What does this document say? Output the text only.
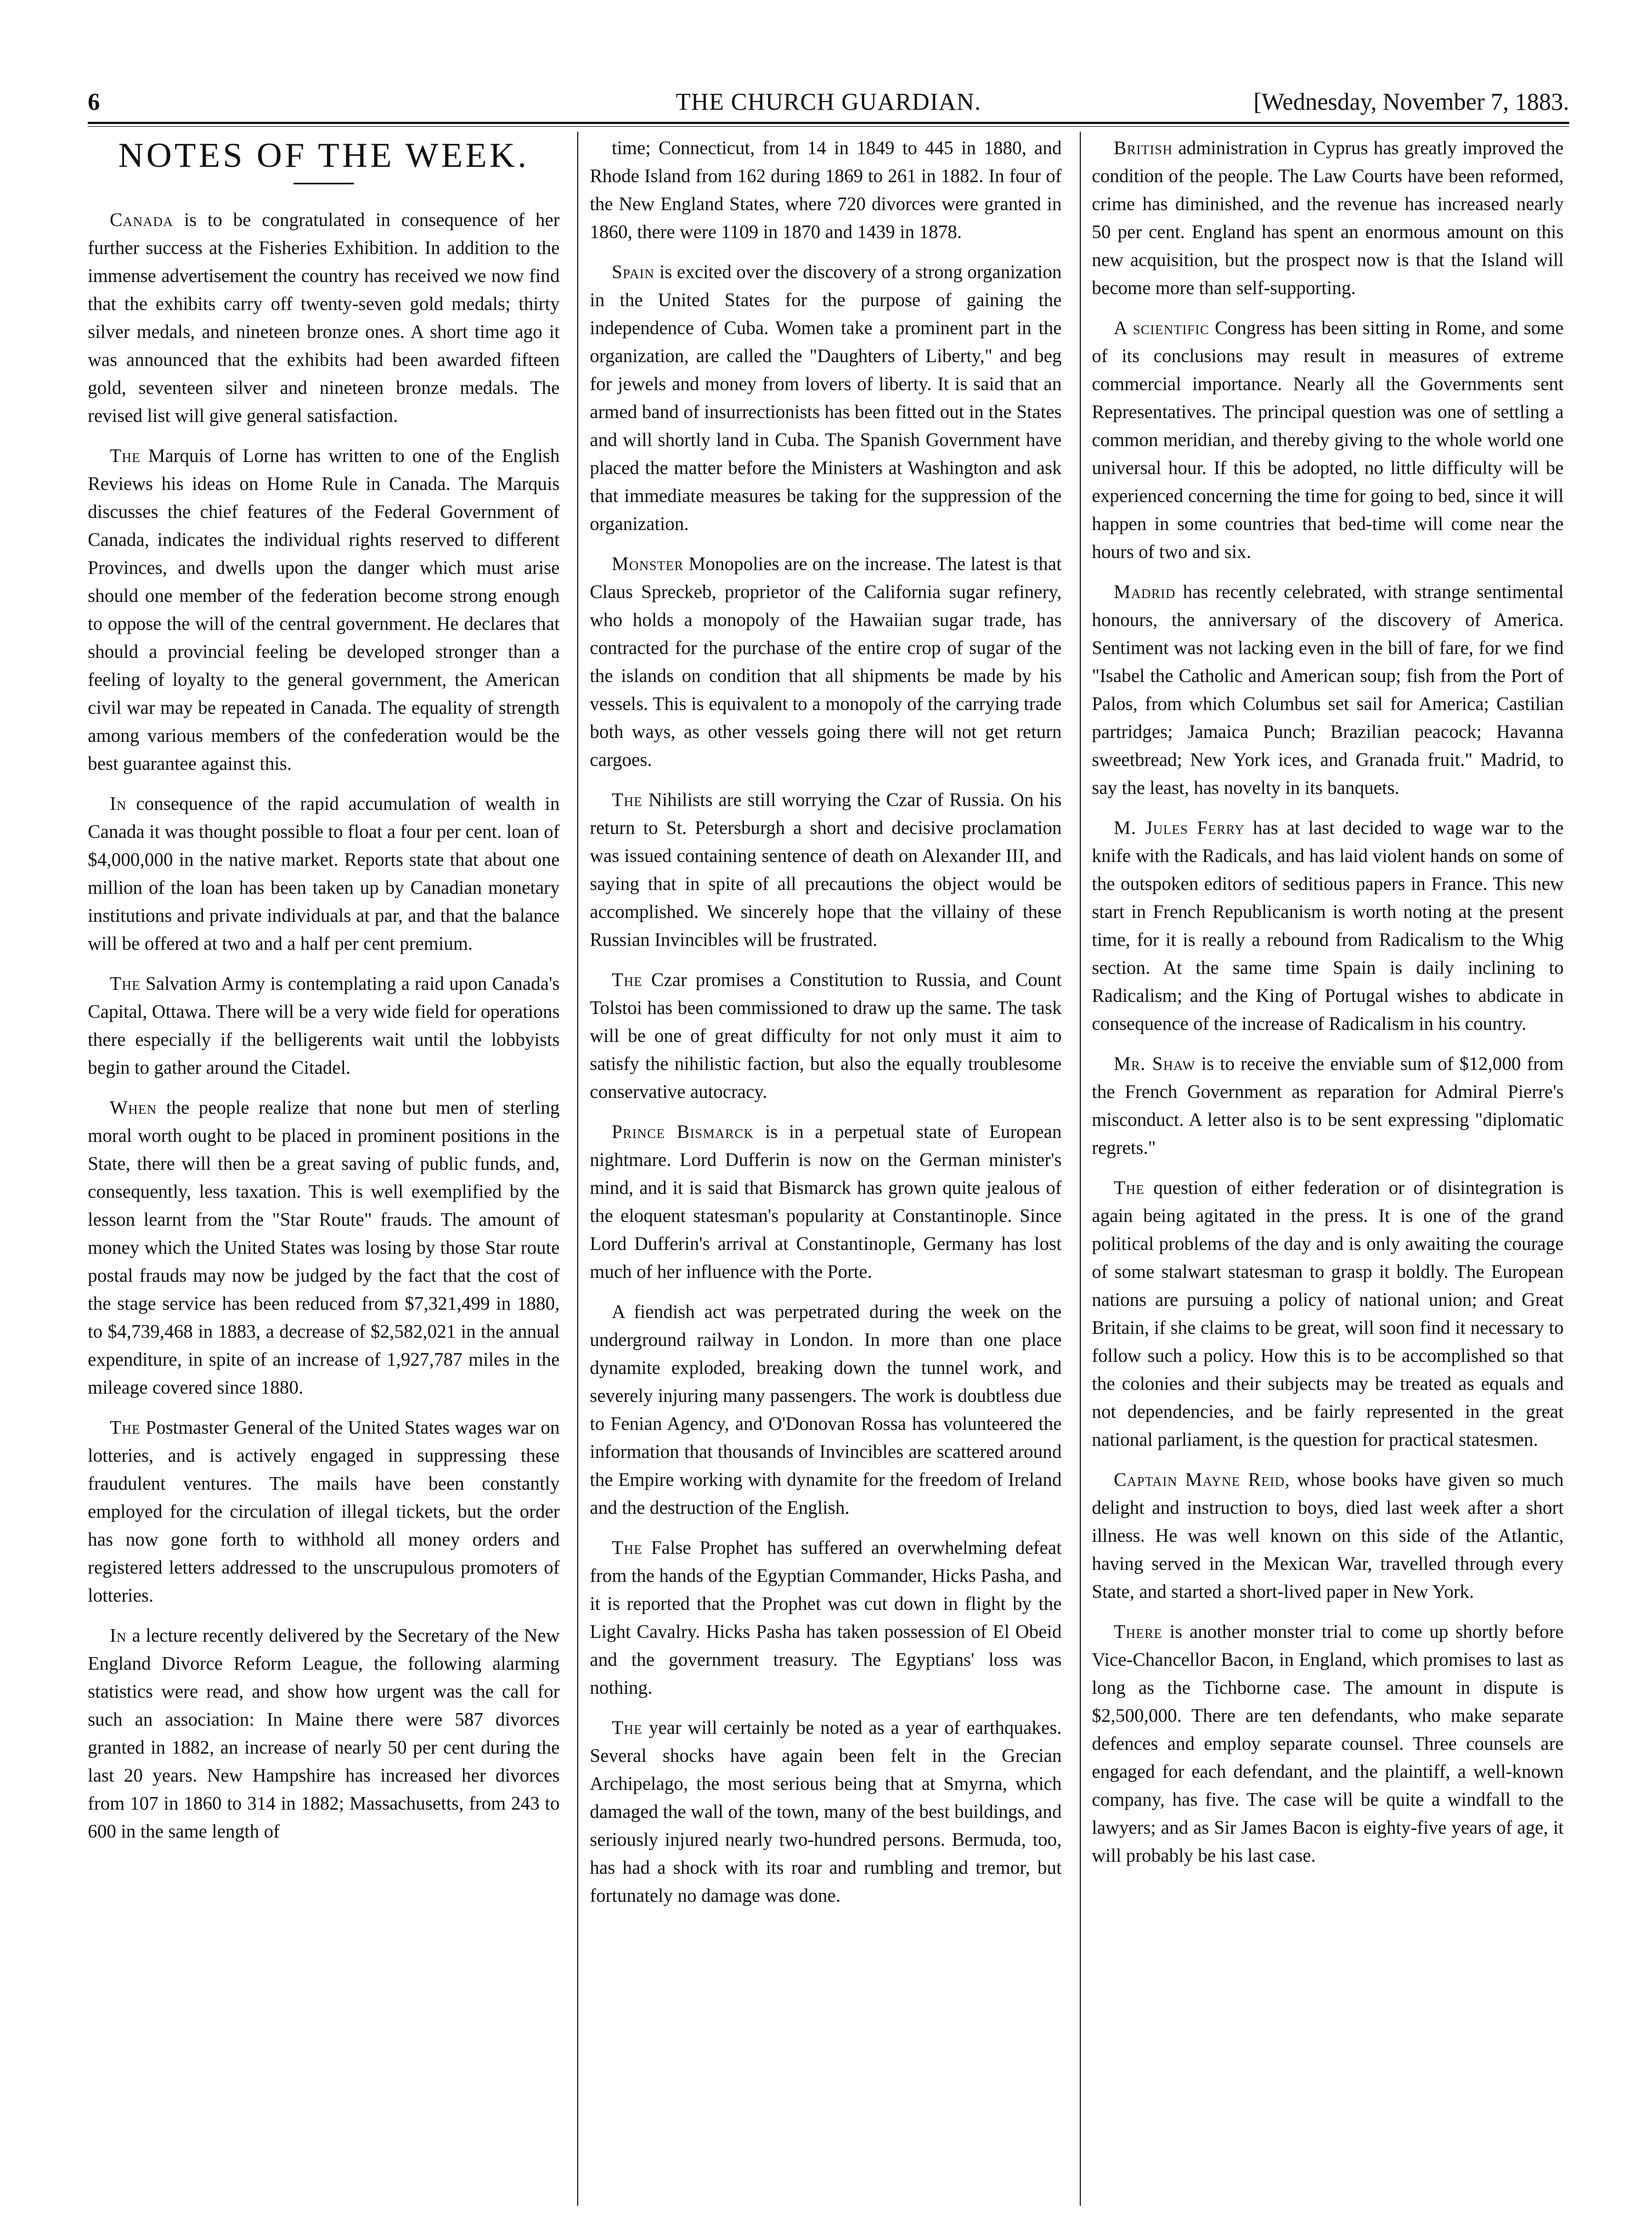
6	THE CHURCH GUARDIAN.	[Wednesday, November 7, 1883.
NOTES OF THE WEEK.

Canada is to be congratulated in consequence of her further success at the Fisheries Exhibition. In addition to the immense advertisement the country has received we now find that the exhibits carry off twenty-seven gold medals; thirty silver medals, and nineteen bronze ones. A short time ago it was announced that the exhibits had been awarded fifteen gold, seventeen silver and nineteen bronze medals. The revised list will give general satisfaction.

The Marquis of Lorne has written to one of the English Reviews his ideas on Home Rule in Canada. The Marquis discusses the chief features of the Federal Government of Canada, indicates the individual rights reserved to different Provinces, and dwells upon the danger which must arise should one member of the federation become strong enough to oppose the will of the central government. He declares that should a provincial feeling be developed stronger than a feeling of loyalty to the general government, the American civil war may be repeated in Canada. The equality of strength among various members of the confederation would be the best guarantee against this.

In consequence of the rapid accumulation of wealth in Canada it was thought possible to float a four per cent. loan of $4,000,000 in the native market. Reports state that about one million of the loan has been taken up by Canadian monetary institutions and private individuals at par, and that the balance will be offered at two and a half per cent premium.

The Salvation Army is contemplating a raid upon Canada's Capital, Ottawa. There will be a very wide field for operations there especially if the belligerents wait until the lobbyists begin to gather around the Citadel.

When the people realize that none but men of sterling moral worth ought to be placed in prominent positions in the State, there will then be a great saving of public funds, and, consequently, less taxation. This is well exemplified by the lesson learnt from the "Star Route" frauds. The amount of money which the United States was losing by those Star route postal frauds may now be judged by the fact that the cost of the stage service has been reduced from $7,321,499 in 1880, to $4,739,468 in 1883, a decrease of $2,582,021 in the annual expenditure, in spite of an increase of 1,927,787 miles in the mileage covered since 1880.

The Postmaster General of the United States wages war on lotteries, and is actively engaged in suppressing these fraudulent ventures. The mails have been constantly employed for the circulation of illegal tickets, but the order has now gone forth to withhold all money orders and registered letters addressed to the unscrupulous promoters of lotteries.

In a lecture recently delivered by the Secretary of the New England Divorce Reform League, the following alarming statistics were read, and show how urgent was the call for such an association: In Maine there were 587 divorces granted in 1882, an increase of nearly 50 per cent during the last 20 years. New Hampshire has increased her divorces from 107 in 1860 to 314 in 1882; Massachusetts, from 243 to 600 in the same length of

time; Connecticut, from 14 in 1849 to 445 in 1880, and Rhode Island from 162 during 1869 to 261 in 1882. In four of the New England States, where 720 divorces were granted in 1860, there were 1109 in 1870 and 1439 in 1878.

Spain is excited over the discovery of a strong organization in the United States for the purpose of gaining the independence of Cuba. Women take a prominent part in the organization, are called the "Daughters of Liberty," and beg for jewels and money from lovers of liberty. It is said that an armed band of insurrectionists has been fitted out in the States and will shortly land in Cuba. The Spanish Government have placed the matter before the Ministers at Washington and ask that immediate measures be taking for the suppression of the organization.

Monster Monopolies are on the increase. The latest is that Claus Spreckeb, proprietor of the California sugar refinery, who holds a monopoly of the Hawaiian sugar trade, has contracted for the purchase of the entire crop of sugar of the the islands on condition that all shipments be made by his vessels. This is equivalent to a monopoly of the carrying trade both ways, as other vessels going there will not get return cargoes.

The Nihilists are still worrying the Czar of Russia. On his return to St. Petersburgh a short and decisive proclamation was issued containing sentence of death on Alexander III, and saying that in spite of all precautions the object would be accomplished. We sincerely hope that the villainy of these Russian Invincibles will be frustrated.

The Czar promises a Constitution to Russia, and Count Tolstoi has been commissioned to draw up the same. The task will be one of great difficulty for not only must it aim to satisfy the nihilistic faction, but also the equally troublesome conservative autocracy.

Prince Bismarck is in a perpetual state of European nightmare. Lord Dufferin is now on the German minister's mind, and it is said that Bismarck has grown quite jealous of the eloquent statesman's popularity at Constantinople. Since Lord Dufferin's arrival at Constantinople, Germany has lost much of her influence with the Porte.

A fiendish act was perpetrated during the week on the underground railway in London. In more than one place dynamite exploded, breaking down the tunnel work, and severely injuring many passengers. The work is doubtless due to Fenian Agency, and O'Donovan Rossa has volunteered the information that thousands of Invincibles are scattered around the Empire working with dynamite for the freedom of Ireland and the destruction of the English.

The False Prophet has suffered an overwhelming defeat from the hands of the Egyptian Commander, Hicks Pasha, and it is reported that the Prophet was cut down in flight by the Light Cavalry. Hicks Pasha has taken possession of El Obeid and the government treasury. The Egyptians' loss was nothing.

The year will certainly be noted as a year of earthquakes. Several shocks have again been felt in the Grecian Archipelago, the most serious being that at Smyrna, which damaged the wall of the town, many of the best buildings, and seriously injured nearly two-hundred persons. Bermuda, too, has had a shock with its roar and rumbling and tremor, but fortunately no damage was done.

British administration in Cyprus has greatly improved the condition of the people. The Law Courts have been reformed, crime has diminished, and the revenue has increased nearly 50 per cent. England has spent an enormous amount on this new acquisition, but the prospect now is that the Island will become more than self-supporting.

A scientific Congress has been sitting in Rome, and some of its conclusions may result in measures of extreme commercial importance. Nearly all the Governments sent Representatives. The principal question was one of settling a common meridian, and thereby giving to the whole world one universal hour. If this be adopted, no little difficulty will be experienced concerning the time for going to bed, since it will happen in some countries that bed-time will come near the hours of two and six.

Madrid has recently celebrated, with strange sentimental honours, the anniversary of the discovery of America. Sentiment was not lacking even in the bill of fare, for we find "Isabel the Catholic and American soup; fish from the Port of Palos, from which Columbus set sail for America; Castilian partridges; Jamaica Punch; Brazilian peacock; Havanna sweetbread; New York ices, and Granada fruit." Madrid, to say the least, has novelty in its banquets.

M. Jules Ferry has at last decided to wage war to the knife with the Radicals, and has laid violent hands on some of the outspoken editors of seditious papers in France. This new start in French Republicanism is worth noting at the present time, for it is really a rebound from Radicalism to the Whig section. At the same time Spain is daily inclining to Radicalism; and the King of Portugal wishes to abdicate in consequence of the increase of Radicalism in his country.

Mr. Shaw is to receive the enviable sum of $12,000 from the French Government as reparation for Admiral Pierre's misconduct. A letter also is to be sent expressing "diplomatic regrets."

The question of either federation or of disintegration is again being agitated in the press. It is one of the grand political problems of the day and is only awaiting the courage of some stalwart statesman to grasp it boldly. The European nations are pursuing a policy of national union; and Great Britain, if she claims to be great, will soon find it necessary to follow such a policy. How this is to be accomplished so that the colonies and their subjects may be treated as equals and not dependencies, and be fairly represented in the great national parliament, is the question for practical statesmen.

Captain Mayne Reid, whose books have given so much delight and instruction to boys, died last week after a short illness. He was well known on this side of the Atlantic, having served in the Mexican War, travelled through every State, and started a short-lived paper in New York.

There is another monster trial to come up shortly before Vice-Chancellor Bacon, in England, which promises to last as long as the Tichborne case. The amount in dispute is $2,500,000. There are ten defendants, who make separate defences and employ separate counsel. Three counsels are engaged for each defendant, and the plaintiff, a well-known company, has five. The case will be quite a windfall to the lawyers; and as Sir James Bacon is eighty-five years of age, it will probably be his last case.
